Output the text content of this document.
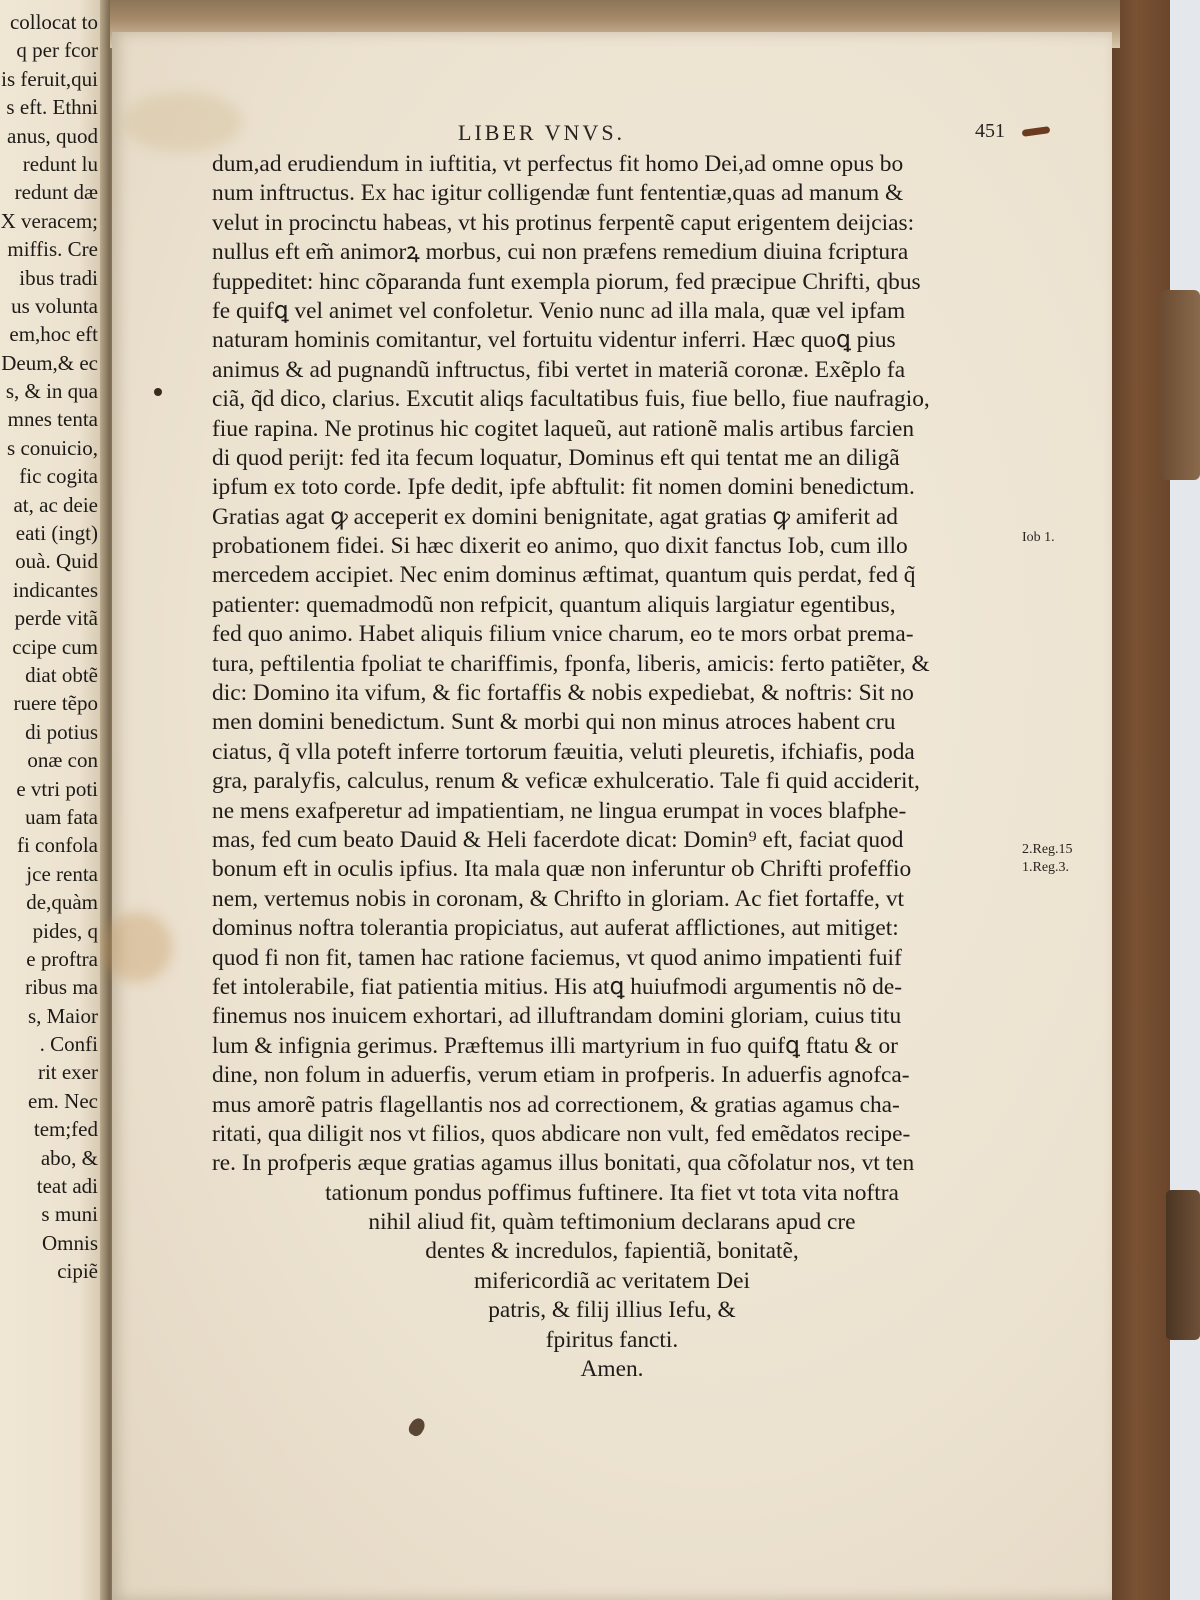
collocat to
q per fcor
is feruit,qui
s eft. Ethni
anus, quod
redunt lu
redunt dæ
X veracem;
miffis. Cre
ibus tradi
us volunta
em,hoc eft
Deum,& ec
s, & in qua
mnes tenta
s conuicio,
fic cogita
at, ac deie
eati (ingt)
ouà. Quid
indicantes
perde vitã
ccipe cum
diat obtẽ
ruere tẽpo
di potius
onæ con
e vtri poti
uam fata
fi confola
jce renta
de,quàm
pides, q
e proftra
ribus ma
s, Maior
. Confi
rit exer
em. Nec
tem;fed
abo, &
teat adi
s muni
Omnis
cipiẽ
LIBER VNVS.	451
dum,ad erudiendum in iuftitia, vt perfectus fit homo Dei,ad omne opus bo
num inftructus. Ex hac igitur colligendæ funt fententiæ,quas ad manum &
velut in procinctu habeas, vt his protinus ferpentẽ caput erigentem deijcias:
nullus eft em̃ animorꝝ morbus, cui non præfens remedium diuina fcriptura
fuppeditet: hinc cõparanda funt exempla piorum, fed præcipue Chrifti, qbus
fe quifꝗ vel animet vel confoletur. Venio nunc ad illa mala, quæ vel ipfam
naturam hominis comitantur, vel fortuitu videntur inferri. Hæc quoꝗ pius
animus & ad pugnandũ inftructus, fibi vertet in materiã coronæ. Exẽplo fa
ciã, q̃d dico, clarius. Excutit aliqs facultatibus fuis, fiue bello, fiue naufragio,
fiue rapina. Ne protinus hic cogitet laqueũ, aut rationẽ malis artibus farcien
di quod perijt: fed ita fecum loquatur, Dominus eft qui tentat me an diligã
ipfum ex toto corde. Ipfe dedit, ipfe abftulit: fit nomen domini benedictum.
Gratias agat ꝙ acceperit ex domini benignitate, agat gratias ꝙ amiferit ad
probationem fidei. Si hæc dixerit eo animo, quo dixit fanctus Iob, cum illo
mercedem accipiet. Nec enim dominus æftimat, quantum quis perdat, fed q̃
patienter: quemadmodũ non refpicit, quantum aliquis largiatur egentibus,
fed quo animo. Habet aliquis filium vnice charum, eo te mors orbat prema-
tura, peftilentia fpoliat te chariffimis, fponfa, liberis, amicis: ferto patiẽter, &
dic: Domino ita vifum, & fic fortaffis & nobis expediebat, & noftris: Sit no
men domini benedictum. Sunt & morbi qui non minus atroces habent cru
ciatus, q̃ vlla poteft inferre tortorum fæuitia, veluti pleuretis, ifchiafis, poda
gra, paralyfis, calculus, renum & veficæ exhulceratio. Tale fi quid acciderit,
ne mens exafperetur ad impatientiam, ne lingua erumpat in voces blafphe-
mas, fed cum beato Dauid & Heli facerdote dicat: Domin⁹ eft, faciat quod
bonum eft in oculis ipfius. Ita mala quæ non inferuntur ob Chrifti profeffio
nem, vertemus nobis in coronam, & Chrifto in gloriam. Ac fiet fortaffe, vt
dominus noftra tolerantia propiciatus, aut auferat afflictiones, aut mitiget:
quod fi non fit, tamen hac ratione faciemus, vt quod animo impatienti fuif
fet intolerabile, fiat patientia mitius. His atꝗ huiufmodi argumentis nõ de-
finemus nos inuicem exhortari, ad illuftrandam domini gloriam, cuius titu
lum & infignia gerimus. Præftemus illi martyrium in fuo quifꝗ ftatu & or
dine, non folum in aduerfis, verum etiam in profperis. In aduerfis agnofca-
mus amorẽ patris flagellantis nos ad correctionem, & gratias agamus cha-
ritati, qua diligit nos vt filios, quos abdicare non vult, fed emẽdatos recipe-
re. In profperis æque gratias agamus illus bonitati, qua cõfolatur nos, vt ten
tationum pondus poffimus fuftinere. Ita fiet vt tota vita noftra
nihil aliud fit, quàm teftimonium declarans apud cre
dentes & incredulos, fapientiã, bonitatẽ,
mifericordiã ac veritatem Dei
patris, & filij illius Iefu, &
fpiritus fancti.
Amen.
Iob 1.
2.Reg.15
1.Reg.3.
